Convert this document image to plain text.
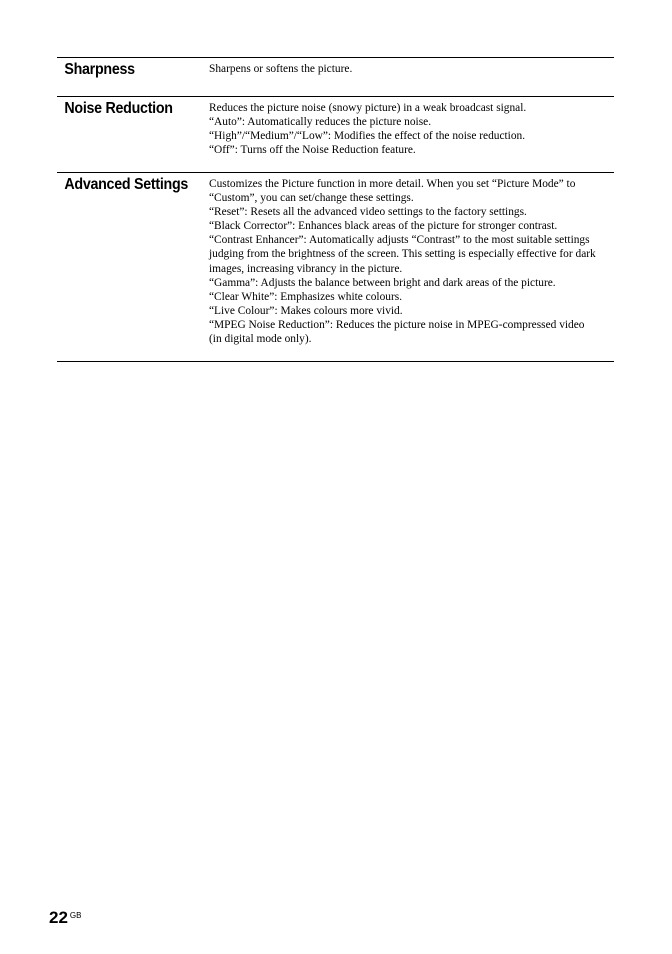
Sharpness	Sharpens or softens the picture.
Noise Reduction	Reduces the picture noise (snowy picture) in a weak broadcast signal.
“Auto”: Automatically reduces the picture noise.
“High”/“Medium”/“Low”: Modifies the effect of the noise reduction.
“Off”: Turns off the Noise Reduction feature.
Advanced Settings	Customizes the Picture function in more detail. When you set “Picture Mode” to
“Custom”, you can set/change these settings.
“Reset”: Resets all the advanced video settings to the factory settings.
“Black Corrector”: Enhances black areas of the picture for stronger contrast.
“Contrast Enhancer”: Automatically adjusts “Contrast” to the most suitable settings
judging from the brightness of the screen. This setting is especially effective for dark
images, increasing vibrancy in the picture.
“Gamma”: Adjusts the balance between bright and dark areas of the picture.
“Clear White”: Emphasizes white colours.
“Live Colour”: Makes colours more vivid.
“MPEG Noise Reduction”: Reduces the picture noise in MPEG-compressed video
(in digital mode only).
22 $^{GB}$
